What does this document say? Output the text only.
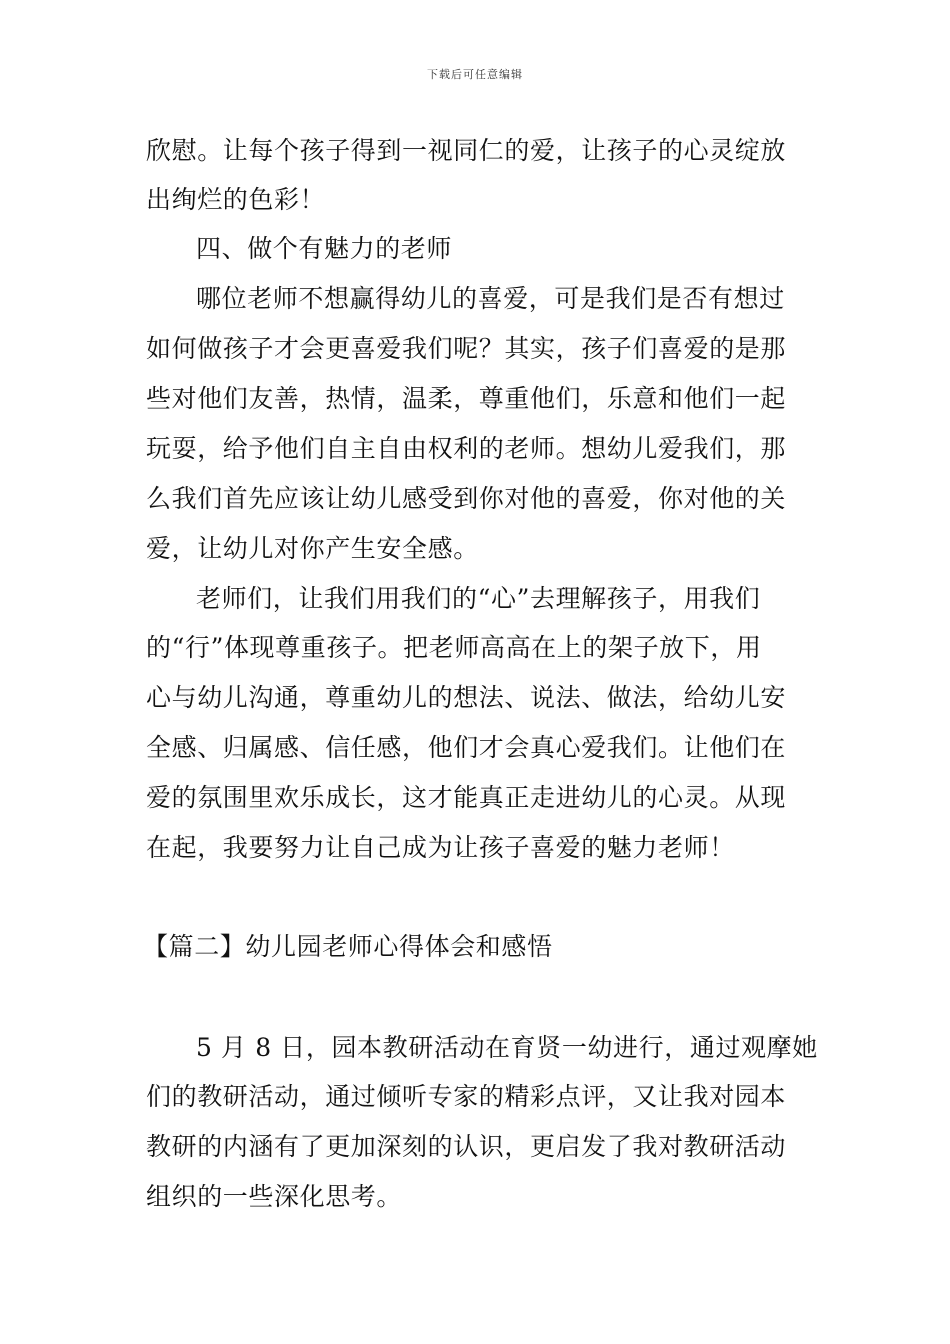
下载后可任意编辑
欣慰。让每个孩子得到一视同仁的爱，让孩子的心灵绽放
出绚烂的色彩！
四、做个有魅力的老师
哪位老师不想赢得幼儿的喜爱，可是我们是否有想过
如何做孩子才会更喜爱我们呢？其实，孩子们喜爱的是那
些对他们友善，热情，温柔，尊重他们，乐意和他们一起
玩耍，给予他们自主自由权利的老师。想幼儿爱我们，那
么我们首先应该让幼儿感受到你对他的喜爱，你对他的关
爱，让幼儿对你产生安全感。
老师们，让我们用我们的“心”去理解孩子，用我们
的“行”体现尊重孩子。把老师高高在上的架子放下，用
心与幼儿沟通，尊重幼儿的想法、说法、做法，给幼儿安
全感、归属感、信任感，他们才会真心爱我们。让他们在
爱的氛围里欢乐成长，这才能真正走进幼儿的心灵。从现
在起，我要努力让自己成为让孩子喜爱的魅力老师！
【篇二】幼儿园老师心得体会和感悟
5 月 8 日，园本教研活动在育贤一幼进行，通过观摩她
们的教研活动，通过倾听专家的精彩点评，又让我对园本
教研的内涵有了更加深刻的认识，更启发了我对教研活动
组织的一些深化思考。
